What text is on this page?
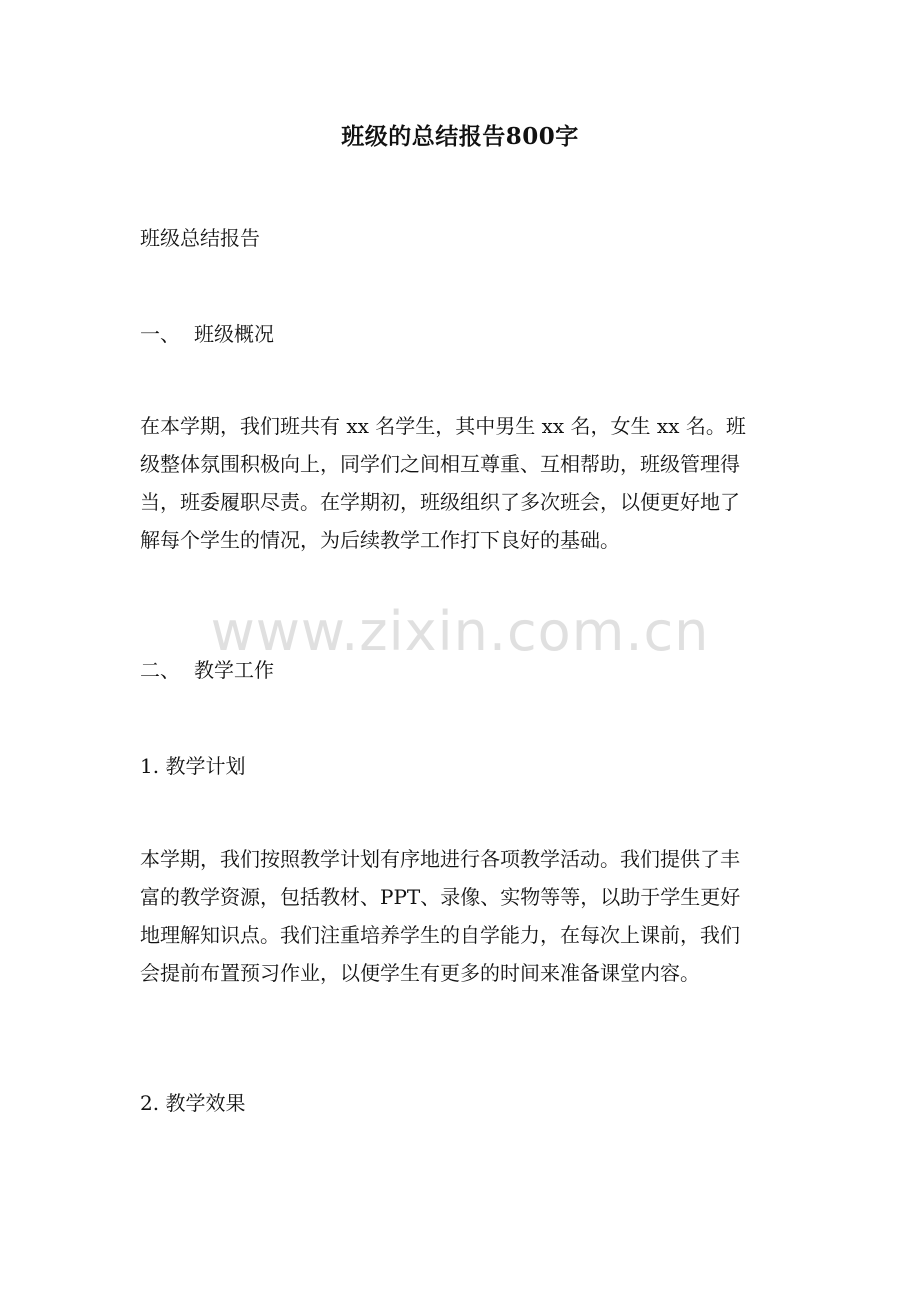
班级的总结报告800字

班级总结报告

一、 班级概况

在本学期，我们班共有 xx 名学生，其中男生 xx 名，女生 xx 名。班
级整体氛围积极向上，同学们之间相互尊重、互相帮助，班级管理得
当，班委履职尽责。在学期初，班级组织了多次班会，以便更好地了
解每个学生的情况，为后续教学工作打下良好的基础。

二、 教学工作

1. 教学计划

本学期，我们按照教学计划有序地进行各项教学活动。我们提供了丰
富的教学资源，包括教材、PPT、录像、实物等等，以助于学生更好
地理解知识点。我们注重培养学生的自学能力，在每次上课前，我们
会提前布置预习作业，以便学生有更多的时间来准备课堂内容。

2. 教学效果

www.zixin.com.cn
